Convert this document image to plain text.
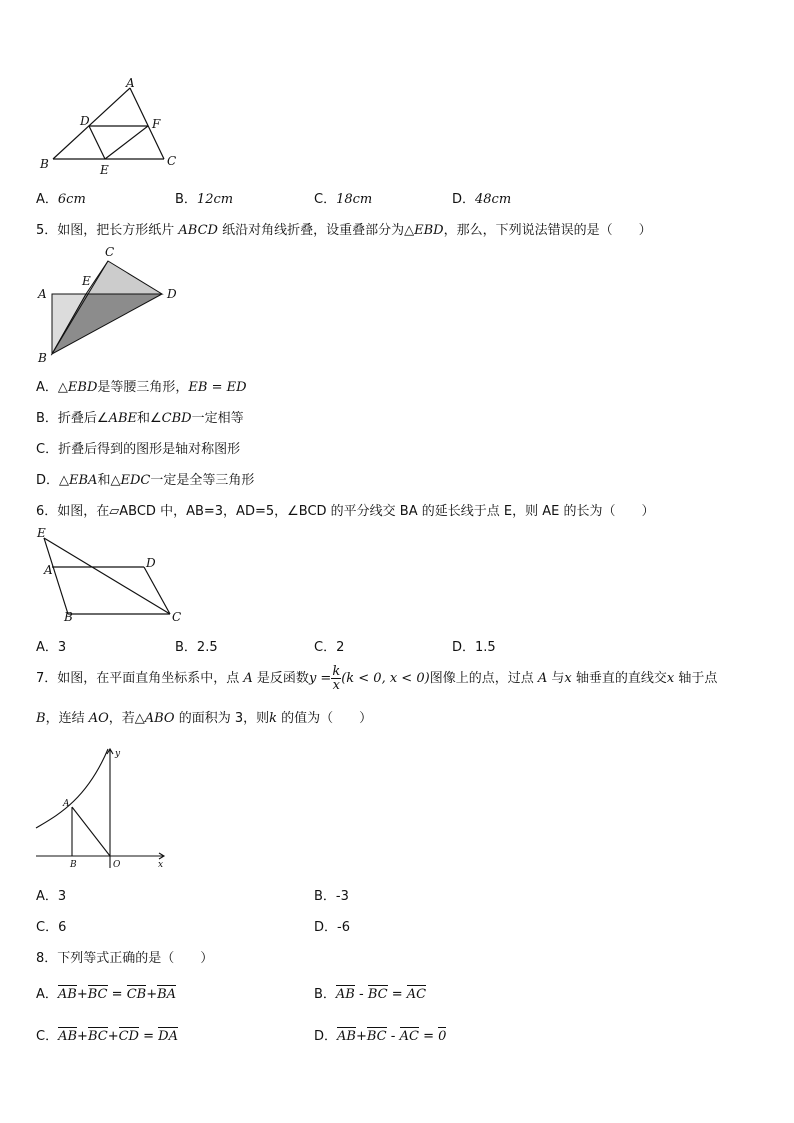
A
D	F
B	E
C
A．6cm	B．12cm	C．18cm	D．48cm
5．如图，把长方形纸片 ABCD 纸沿对角线折叠，设重叠部分为△EBD，那么，下列说法错误的是（　　）
C
E
A	D
B
A．△EBD是等腰三角形，EB = ED
B．折叠后∠ABE和∠CBD一定相等
C．折叠后得到的图形是轴对称图形
D．△EBA和△EDC一定是全等三角形
6．如图，在▱ABCD 中，AB=3，AD=5，∠BCD 的平分线交 BA 的延长线于点 E，则 AE 的长为（　　）
E
A	D
B	C
A．3	B．2.5	C．2	D．1.5
7．如图，在平面直角坐标系中，点 A 是反函数$y = \frac{k}{x} (k < 0$, x < 0)图像上的点，过点 A 与x 轴垂直的直线交x 轴于点
B，连结 AO，若△ABO 的面积为 3，则k 的值为（　　）
y
A
B	O	x
A．3	B．-3
C．6	D．-6
8．下列等式正确的是（　　）
A．AB+BC = CB+BA	B．AB - BC = AC
C．AB+BC+CD = DA	D．AB+BC - AC = 0
